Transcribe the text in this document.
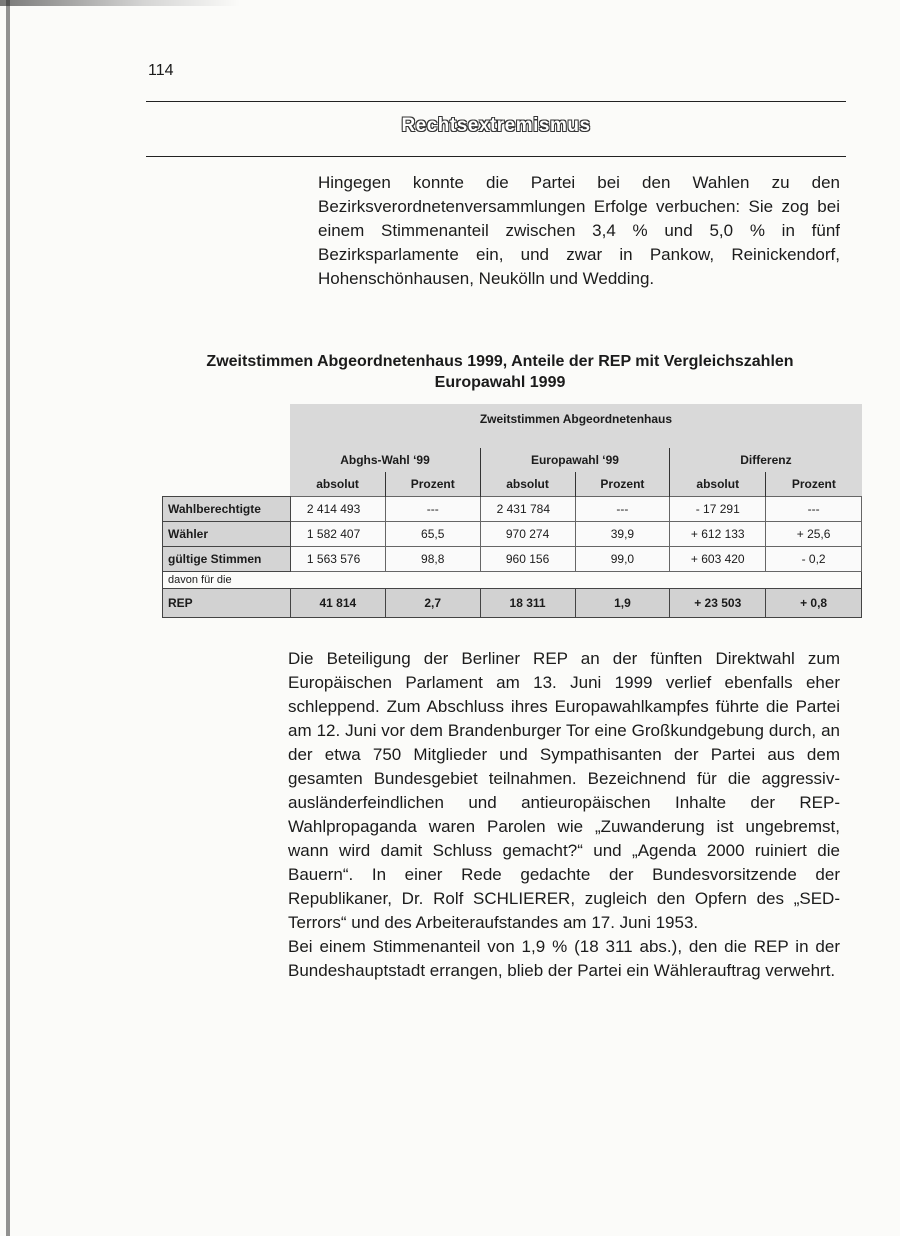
114
Rechtsextremismus

Hingegen konnte die Partei bei den Wahlen zu den Bezirksverordnetenversammlungen Erfolge verbuchen: Sie zog bei einem Stimmenanteil zwischen 3,4 % und 5,0 % in fünf Bezirksparlamente ein, und zwar in Pankow, Reinickendorf, Hohenschönhausen, Neukölln und Wedding.

Zweitstimmen Abgeordnetenhaus 1999, Anteile der REP mit Vergleichszahlen
Europawahl 1999
	Zweitstimmen Abgeordnetenhaus					
	Abghs-Wahl ‘99		Europawahl ‘99		Differenz	
	absolut	Prozent	absolut	Prozent	absolut	Prozent
Wahlberechtigte	2 414 493	---	2 431 784	---	- 17 291	---
Wähler	1 582 407	65,5	970 274	39,9	+ 612 133	+ 25,6
gültige Stimmen	1 563 576	98,8	960 156	99,0	+ 603 420	- 0,2
davon für die						
REP	41 814	2,7	18 311	1,9	+ 23 503	+ 0,8

Die Beteiligung der Berliner REP an der fünften Direktwahl zum Europäischen Parlament am 13. Juni 1999 verlief ebenfalls eher schleppend. Zum Abschluss ihres Europawahlkampfes führte die Partei am 12. Juni vor dem Brandenburger Tor eine Großkundgebung durch, an der etwa 750 Mitglieder und Sympathisanten der Partei aus dem gesamten Bundesgebiet teilnahmen. Bezeichnend für die aggressiv-ausländerfeindlichen und antieuropäischen Inhalte der REP-Wahlpropaganda waren Parolen wie „Zuwanderung ist ungebremst, wann wird damit Schluss gemacht?“ und „Agenda 2000 ruiniert die Bauern“. In einer Rede gedachte der Bundesvorsitzende der Republikaner, Dr. Rolf SCHLIERER, zugleich den Opfern des „SED-Terrors“ und des Arbeiteraufstandes am 17. Juni 1953.

Bei einem Stimmenanteil von 1,9 % (18 311 abs.), den die REP in der Bundeshauptstadt errangen, blieb der Partei ein Wählerauftrag verwehrt.
